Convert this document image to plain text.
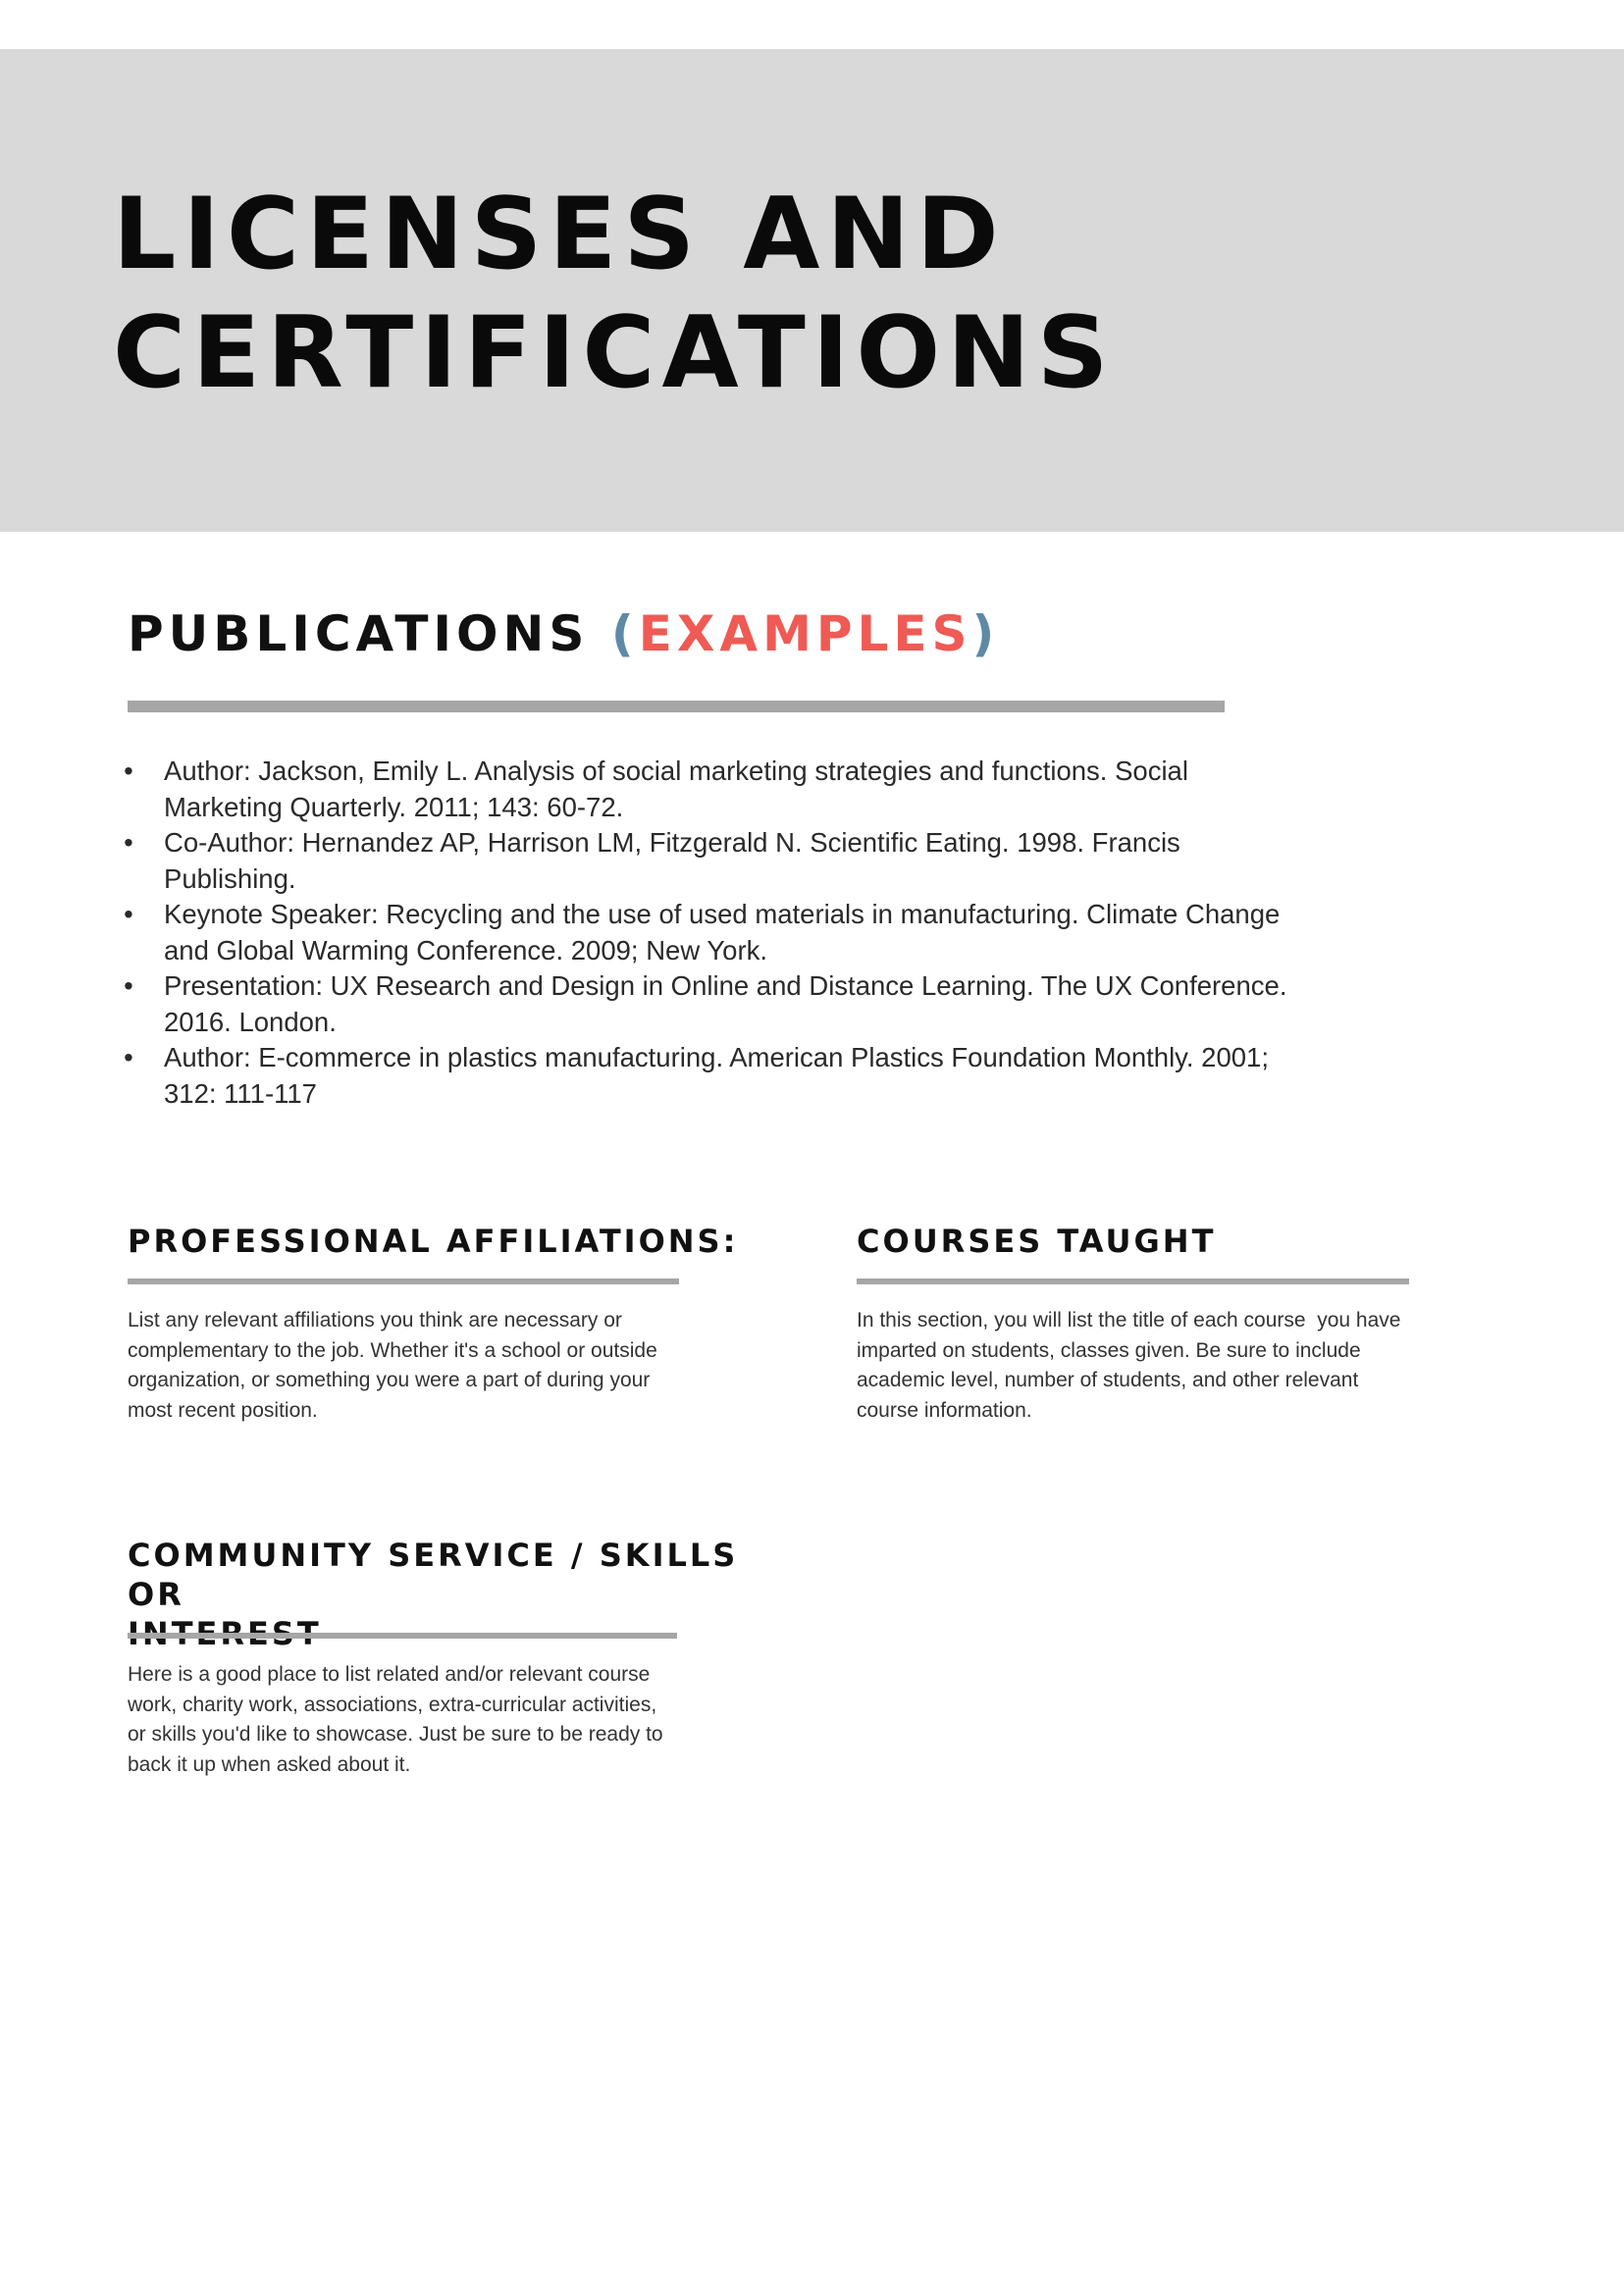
LICENSES AND
CERTIFICATIONS
PUBLICATIONS (EXAMPLES)
• Author: Jackson, Emily L. Analysis of social marketing strategies and functions. Social
Marketing Quarterly. 2011; 143: 60-72.
• Co-Author: Hernandez AP, Harrison LM, Fitzgerald N. Scientific Eating. 1998. Francis
Publishing.
• Keynote Speaker: Recycling and the use of used materials in manufacturing. Climate Change
and Global Warming Conference. 2009; New York.
• Presentation: UX Research and Design in Online and Distance Learning. The UX Conference.
2016. London.
• Author: E-commerce in plastics manufacturing. American Plastics Foundation Monthly. 2001;
312: 111-117
PROFESSIONAL AFFILIATIONS:

List any relevant affiliations you think are necessary or
complementary to the job. Whether it's a school or outside
organization, or something you were a part of during your
most recent position.

COURSES TAUGHT

In this section, you will list the title of each course  you have
imparted on students, classes given. Be sure to include
academic level, number of students, and other relevant
course information.

COMMUNITY SERVICE / SKILLS OR

Here is a good place to list related and/or relevant course
work, charity work, associations, extra-curricular activities,
or skills you'd like to showcase. Just be sure to be ready to
back it up when asked about it.
